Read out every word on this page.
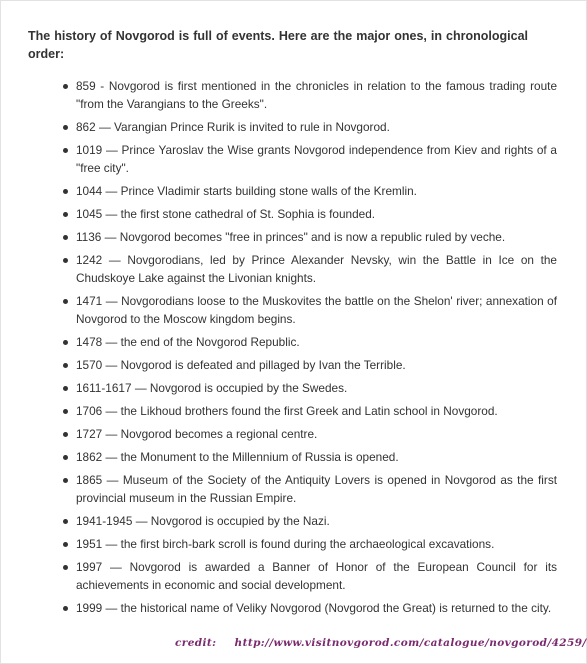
The history of Novgorod is full of events. Here are the major ones, in chronological order:

859 - Novgorod is first mentioned in the chronicles in relation to the famous trading route "from the Varangians to the Greeks".
862 — Varangian Prince Rurik is invited to rule in Novgorod.
1019 — Prince Yaroslav the Wise grants Novgorod independence from Kiev and rights of a "free city".
1044 — Prince Vladimir starts building stone walls of the Kremlin.
1045 — the first stone cathedral of St. Sophia is founded.
1136 — Novgorod becomes "free in princes" and is now a republic ruled by veche.
1242 — Novgorodians, led by Prince Alexander Nevsky, win the Battle in Ice on the Chudskoye Lake against the Livonian knights.
1471 — Novgorodians loose to the Muskovites the battle on the Shelon' river; annexation of Novgorod to the Moscow kingdom begins.
1478 — the end of the Novgorod Republic.
1570 — Novgorod is defeated and pillaged by Ivan the Terrible.
1611-1617 — Novgorod is occupied by the Swedes.
1706 — the Likhoud brothers found the first Greek and Latin school in Novgorod.
1727 — Novgorod becomes a regional centre.
1862 — the Monument to the Millennium of Russia is opened.
1865 — Museum of the Society of the Antiquity Lovers is opened in Novgorod as the first provincial museum in the Russian Empire.
1941-1945 — Novgorod is occupied by the Nazi.
1951 — the first birch-bark scroll is found during the archaeological excavations.
1997 — Novgorod is awarded a Banner of Honor of the European Council for its achievements in economic and social development.
1999 — the historical name of Veliky Novgorod (Novgorod the Great) is returned to the city.
credit: http://www.visitnovgorod.com/catalogue/novgorod/4259/
